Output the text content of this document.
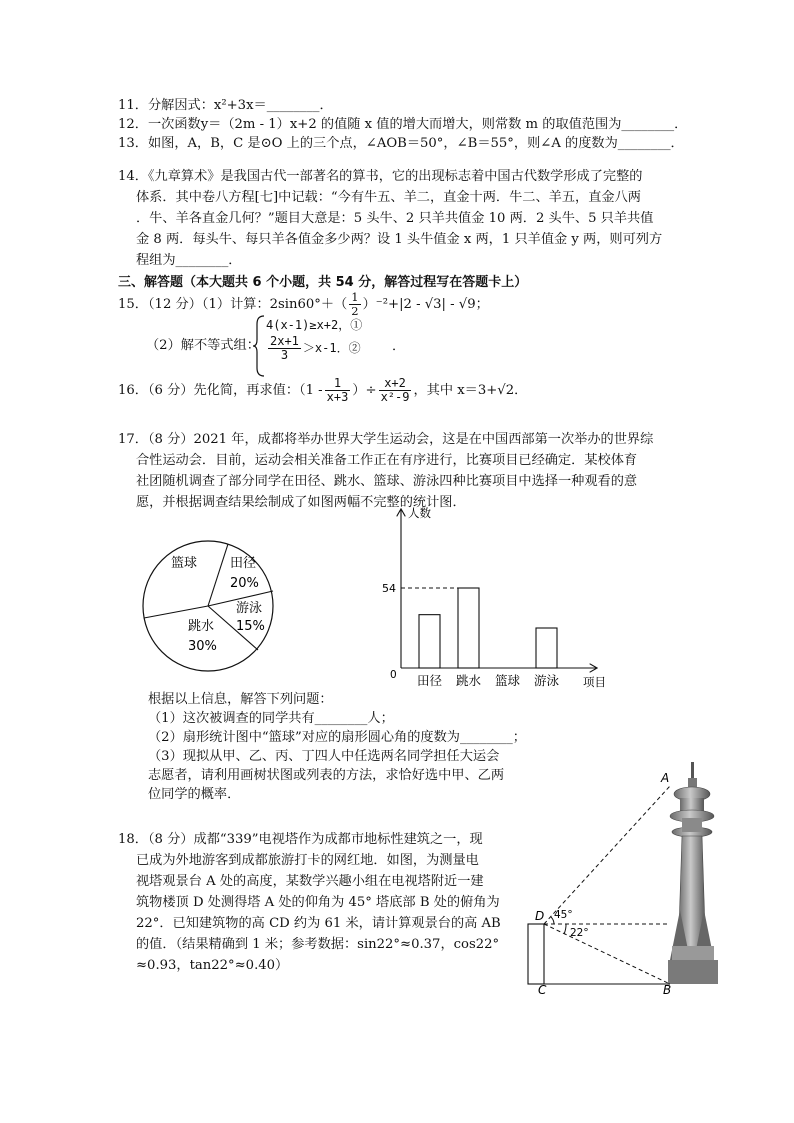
11．分解因式：x²+3x＝________．
12．一次函数y＝（2m - 1）x+2 的值随 x 值的增大而增大，则常数 m 的取值范围为________．
13．如图，A，B，C 是⊙O 上的三个点，∠AOB＝50°，∠B＝55°，则∠A 的度数为________．
14．《九章算术》是我国古代一部著名的算书，它的出现标志着中国古代数学形成了完整的
体系．其中卷八方程[七]中记载：“今有牛五、羊二，直金十两．牛二、羊五，直金八两
．牛、羊各直金几何？”题目大意是：5 头牛、2 只羊共值金 10 两．2 头牛、5 只羊共值
金 8 两．每头牛、每只羊各值金多少两？设 1 头牛值金 x 两，1 只羊值金 y 两，则可列方
程组为________．
三、解答题（本大题共 6 个小题，共 54 分，解答过程写在答题卡上）
15．（12 分）（1）计算：$2\sin 60^\circ+( \frac{1}{2} )^{-2}+|2 - √3| - √9$；
（2）解不等式组：
4(x-1)≥x+2，①
$\frac{2x+1}{3} >x-1$．② ．
16．（6 分）先化简，再求值：（$1 - \frac{1}{x+3}$ ）÷ $\frac{x+2}{\text{x²-9}}$ ，其中 x＝3+√2．
17．（8 分）2021 年，成都将举办世界大学生运动会，这是在中国西部第一次举办的世界综
合性运动会．目前，运动会相关准备工作正在有序进行，比赛项目已经确定．某校体育
社团随机调查了部分同学在田径、跳水、篮球、游泳四种比赛项目中选择一种观看的意
愿，并根据调查结果绘制成了如图两幅不完整的统计图．
篮球	田径
20%
游泳
15%
跳水
30%
人数
项目
0
54
田径 跳水 篮球 游泳
根据以上信息，解答下列问题：
（1）这次被调查的同学共有________人；
（2）扇形统计图中“篮球”对应的扇形圆心角的度数为________；
（3）现拟从甲、乙、丙、丁四人中任选两名同学担任大运会
志愿者，请利用画树状图或列表的方法，求恰好选中甲、乙两
位同学的概率．
18．（8 分）成都“339”电视塔作为成都市地标性建筑之一，现
已成为外地游客到成都旅游打卡的网红地．如图，为测量电
视塔观景台 A 处的高度，某数学兴趣小组在电视塔附近一建
筑物楼顶 D 处测得塔 A 处的仰角为 45° 塔底部 B 处的俯角为
22°．已知建筑物的高 CD 约为 61 米，请计算观景台的高 AB
的值．（结果精确到 1 米；参考数据：sin22°≈0.37，cos22°
≈0.93，tan22°≈0.40）
A
B
C
D 45°
22°
